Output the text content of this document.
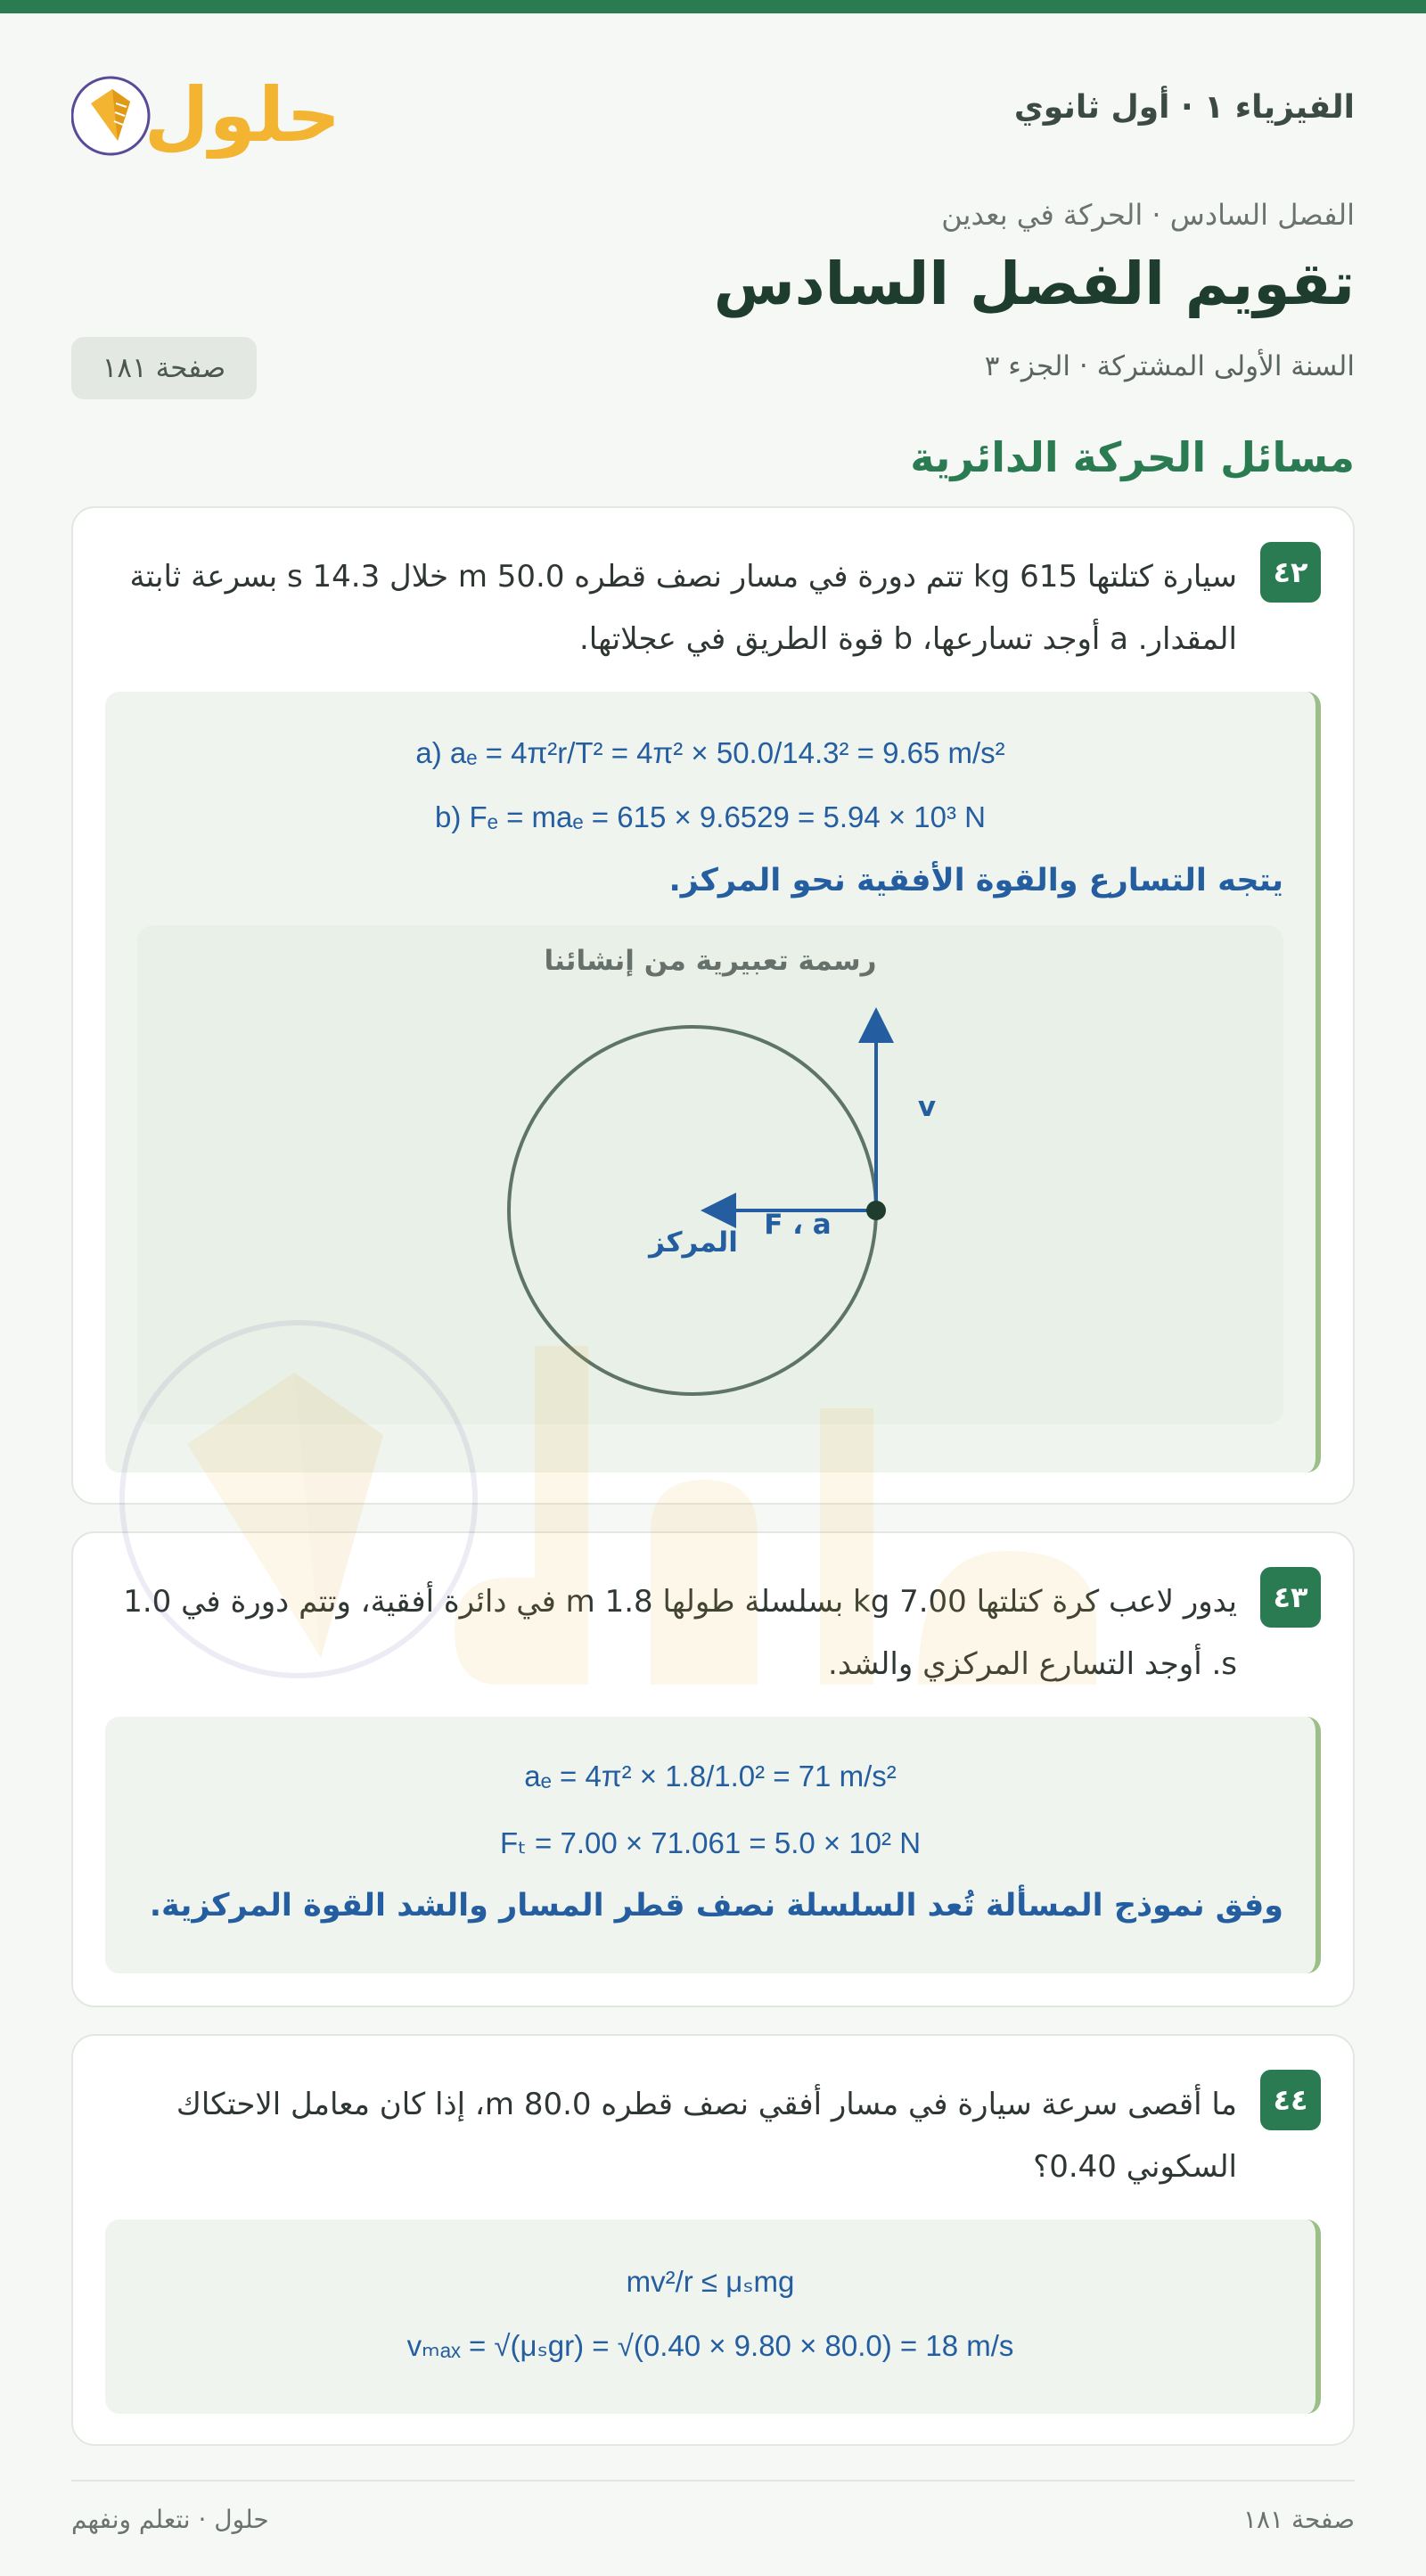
حلول	الفيزياء ١ · أول ثانوي
الفصل السادس · الحركة في بعدين
تقويم الفصل السادس
السنة الأولى المشتركة · الجزء ٣
صفحة ١٨١
مسائل الحركة الدائرية
٤٢
سيارة كتلتها 615 kg تتم دورة في مسار نصف قطره 50.0 m خلال 14.3 s بسرعة ثابتة المقدار. a أوجد تسارعها، b قوة الطريق في عجلاتها.
a) aₑ = 4π²r/T² = 4π² × 50.0/14.3² = 9.65 m/s²
b) Fₑ = maₑ = 615 × 9.6529 = 5.94 × 10³ N
يتجه التسارع والقوة الأفقية نحو المركز.
رسمة تعبيرية من إنشائنا
v
F ، a
المركز
٤٣
يدور لاعب كرة كتلتها 7.00 kg بسلسلة طولها 1.8 m في دائرة أفقية، وتتم دورة في 1.0 s. أوجد التسارع المركزي والشد.
aₑ = 4π² × 1.8/1.0² = 71 m/s²
Fₜ = 7.00 × 71.061 = 5.0 × 10² N
وفق نموذج المسألة تُعد السلسلة نصف قطر المسار والشد القوة المركزية.
٤٤
ما أقصى سرعة سيارة في مسار أفقي نصف قطره 80.0 m، إذا كان معامل الاحتكاك السكوني 0.40؟
mv²/r ≤ μₛmg
vₘₐₓ = √(μₛgr) = √(0.40 × 9.80 × 80.0) = 18 m/s
حلول · نتعلم ونفهم	صفحة ١٨١
